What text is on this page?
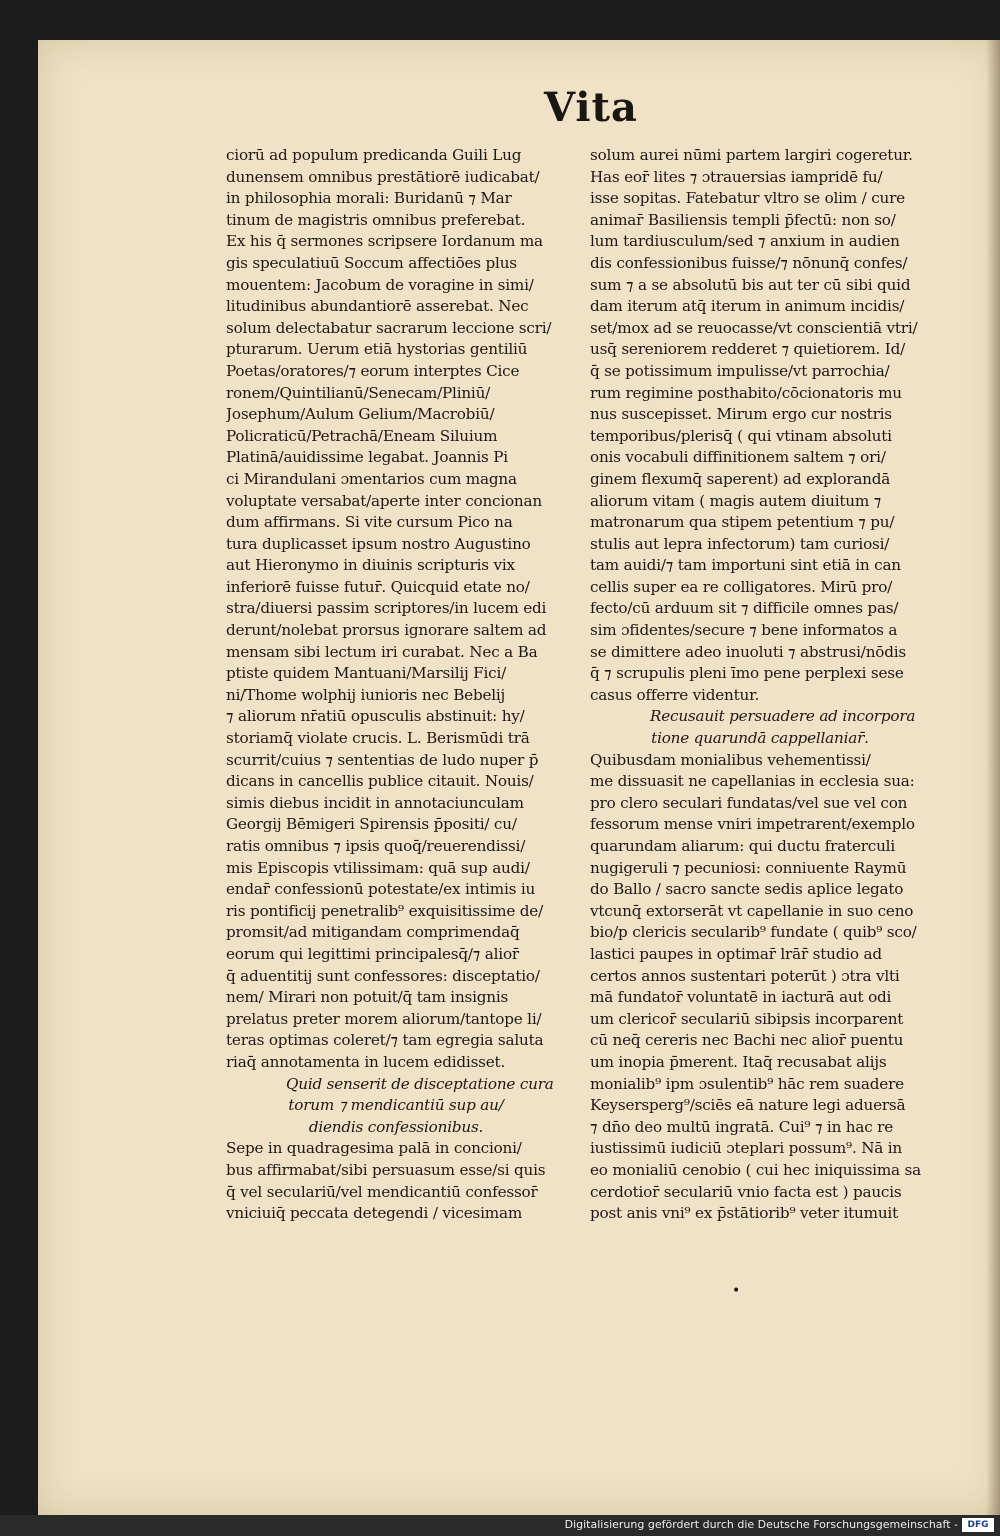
Vita
ciorū ad populum predicanda Guili Lug
dunensem omnibus prestātiorē iudicabat/
in philosophia morali: Buridanū ⁊ Mar
tinum de magistris omnibus preferebat.
Ex his q̄ sermones scripsere Iordanum ma
gis speculatiuū Soccum affectiōes plus
mouentem: Jacobum de voragine in simi/
litudinibus abundantiorē asserebat. Nec
solum delectabatur sacrarum leccione scri/
pturarum. Uerum etiā hystorias gentiliū
Poetas/oratores/⁊ eorum interptes Cice
ronem/Quintilianū/Senecam/Pliniū/
Josephum/Aulum Gelium/Macrobiū/
Policraticū/Petrachā/Eneam Siluium
Platinā/auidissime legabat. Joannis Pi
ci Mirandulani ɔmentarios cum magna
voluptate versabat/aperte inter concionan
dum affirmans. Si vite cursum Pico na
tura duplicasset ipsum nostro Augustino
aut Hieronymo in diuinis scripturis vix
inferiorē fuisse futur̄. Quicquid etate no/
stra/diuersi passim scriptores/in lucem edi
derunt/nolebat prorsus ignorare saltem ad
mensam sibi lectum iri curabat. Nec a Ba
ptiste quidem Mantuani/Marsilij Fici/
ni/Thome wolphij iunioris nec Bebelij
⁊ aliorum nr̄atiū opusculis abstinuit: hy/
storiamq̄ violate crucis. L. Berismūdi trā
scurrit/cuius ⁊ sententias de ludo nuper p̄
dicans in cancellis publice citauit. Nouis/
simis diebus incidit in annotaciunculam
Georgij Bēmigeri Spirensis p̄positi/ cu/
ratis omnibus ⁊ ipsis quoq̄/reuerendissi/
mis Episcopis vtilissimam: quā sup audi/
endar̄ confessionū potestate/ex intimis iu
ris pontificij penetralib⁹ exquisitissime de/
promsit/ad mitigandam comprimendaq̄
eorum qui legittimi principalesq̄/⁊ alior̄
q̄ aduentitij sunt confessores: disceptatio/
nem/ Mirari non potuit/q̄ tam insignis
prelatus preter morem aliorum/tantope li/
teras optimas coleret/⁊ tam egregia saluta
riaq̄ annotamenta in lucem edidisset.
Quid senserit de disceptatione cura
torum ⁊ mendicantiū sup au/
diendis confessionibus.
Sepe in quadragesima palā in concioni/
bus affirmabat/sibi persuasum esse/si quis
q̄ vel seculariū/vel mendicantiū confessor̄
vniciuiq̄ peccata detegendi / vicesimam
solum aurei nūmi partem largiri cogeretur.
Has eor̄ lites ⁊ ɔtrauersias iampridē fu/
isse sopitas. Fatebatur vltro se olim / cure
animar̄ Basiliensis templi p̄fectū: non so/
lum tardiusculum/sed ⁊ anxium in audien
dis confessionibus fuisse/⁊ nōnunq̄ confes/
sum ⁊ a se absolutū bis aut ter cū sibi quid
dam iterum atq̄ iterum in animum incidis/
set/mox ad se reuocasse/vt conscientiā vtri/
usq̄ sereniorem redderet ⁊ quietiorem. Id/
q̄ se potissimum impulisse/vt parrochia/
rum regimine posthabito/cōcionatoris mu
nus suscepisset. Mirum ergo cur nostris
temporibus/plerisq̄ ( qui vtinam absoluti
onis vocabuli diffinitionem saltem ⁊ ori/
ginem flexumq̄ saperent) ad explorandā
aliorum vitam ( magis autem diuitum ⁊
matronarum qua stipem petentium ⁊ pu/
stulis aut lepra infectorum) tam curiosi/
tam auidi/⁊ tam importuni sint etiā in can
cellis super ea re colligatores. Mirū pro/
fecto/cū arduum sit ⁊ difficile omnes pas/
sim ɔfidentes/secure ⁊ bene informatos a
se dimittere adeo inuoluti ⁊ abstrusi/nōdis
q̄ ⁊ scrupulis pleni īmo pene perplexi sese
casus offerre videntur.
Recusauit persuadere ad incorpora
tione quarundā cappellaniar̄.
Quibusdam monialibus vehementissi/
me dissuasit ne capellanias in ecclesia sua:
pro clero seculari fundatas/vel sue vel con
fessorum mense vniri impetrarent/exemplo
quarundam aliarum: qui ductu fraterculi
nugigeruli ⁊ pecuniosi: conniuente Raymū
do Ballo / sacro sancte sedis aplice legato
vtcunq̄ extorserāt vt capellanie in suo ceno
bio/p clericis secularib⁹ fundate ( quib⁹ sco/
lastici paupes in optimar̄ lrār̄ studio ad
certos annos sustentari poterūt ) ɔtra vlti
mā fundator̄ voluntatē in iacturā aut odi
um clericor̄ seculariū sibipsis incorparent
cū neq̄ cereris nec Bachi nec alior̄ puentu
um inopia p̄merent. Itaq̄ recusabat alijs
monialib⁹ ipm ɔsulentib⁹ hāc rem suadere
Keysersperg⁹/sciēs eā nature legi aduersā
⁊ dn̄o deo multū ingratā. Cui⁹ ⁊ in hac re
iustissimū iudiciū ɔteplari possum⁹. Nā in
eo monialiū cenobio ( cui hec iniquissima sa
cerdotior̄ seculariū vnio facta est ) paucis
post anis vni⁹ ex p̄stātiorib⁹ veter itumuit
•
Digitalisierung gefördert durch die Deutsche Forschungsgemeinschaft -	DFG
